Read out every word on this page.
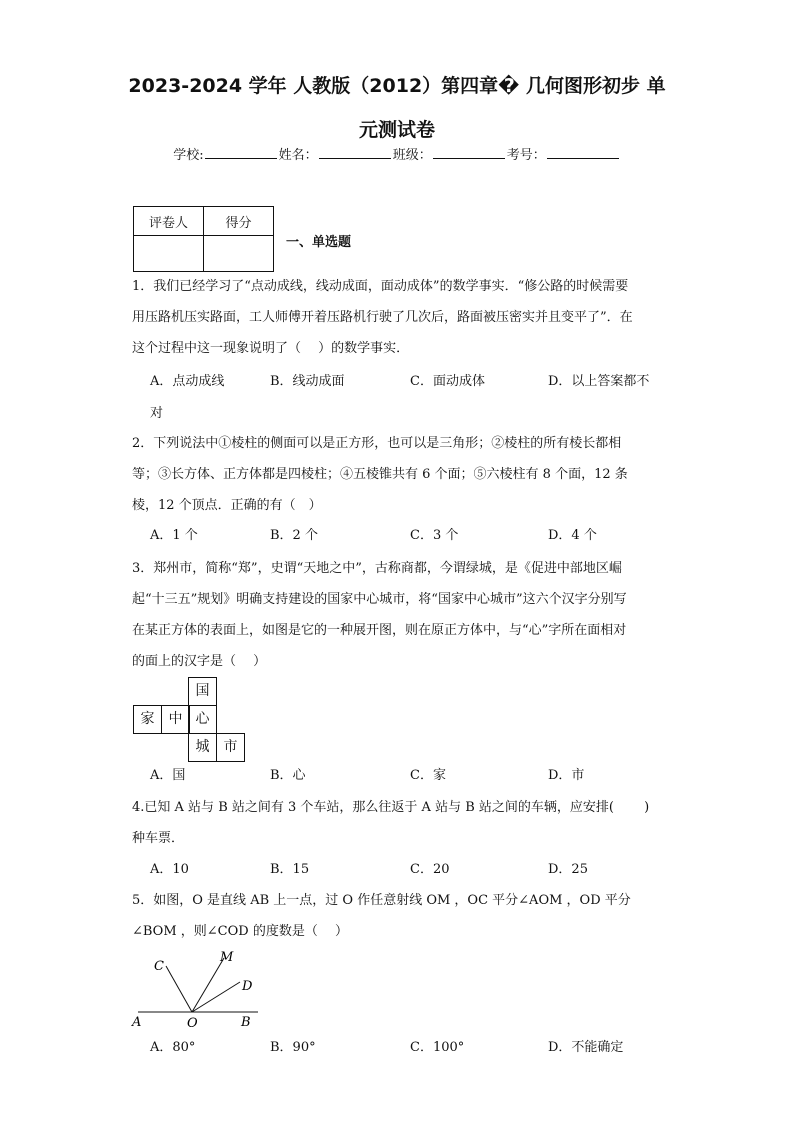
2023-2024 学年 人教版（2012）第四章� 几何图形初步 单
元测试卷
学校:	姓名：	班级：	考号：
评卷人	得分

一、单选题
1．我们已经学习了“点动成线，线动成面，面动成体”的数学事实．“修公路的时候需要
用压路机压实路面，工人师傅开着压路机行驶了几次后，路面被压密实并且变平了”．在
这个过程中这一现象说明了（　 ）的数学事实．
A．点动成线	B．线动成面	C．面动成体	D．以上答案都不
对
2．下列说法中①棱柱的侧面可以是正方形，也可以是三角形；②棱柱的所有棱长都相
等；③长方体、正方体都是四棱柱；④五棱锥共有 6 个面；⑤六棱柱有 8 个面，12 条
棱，12 个顶点．正确的有（　）
A．1 个	B．2 个	C．3 个	D．4 个
3．郑州市，简称“郑”，史谓“天地之中”，古称商都，今谓绿城，是《促进中部地区崛
起“十三五”规划》明确支持建设的国家中心城市，将“国家中心城市”这六个汉字分别写
在某正方体的表面上，如图是它的一种展开图，则在原正方体中，与“心”字所在面相对
的面上的汉字是（　 ）
国
家	中 心
城	市
A．国	B．心	C．家	D．市
4.已知 A 站与 B 站之间有 3 个车站，那么往返于 A 站与 B 站之间的车辆，应安排(　　 )
种车票．
A．10	B．15	C．20	D．25
5．如图，O 是直线 AB 上一点，过 O 作任意射线 OM ，OC 平分∠AOM ，OD 平分
∠BOM ，则∠COD 的度数是（　 ）
C
M
D
A	O	B
A．80°	B．90°	C．100°	D．不能确定
